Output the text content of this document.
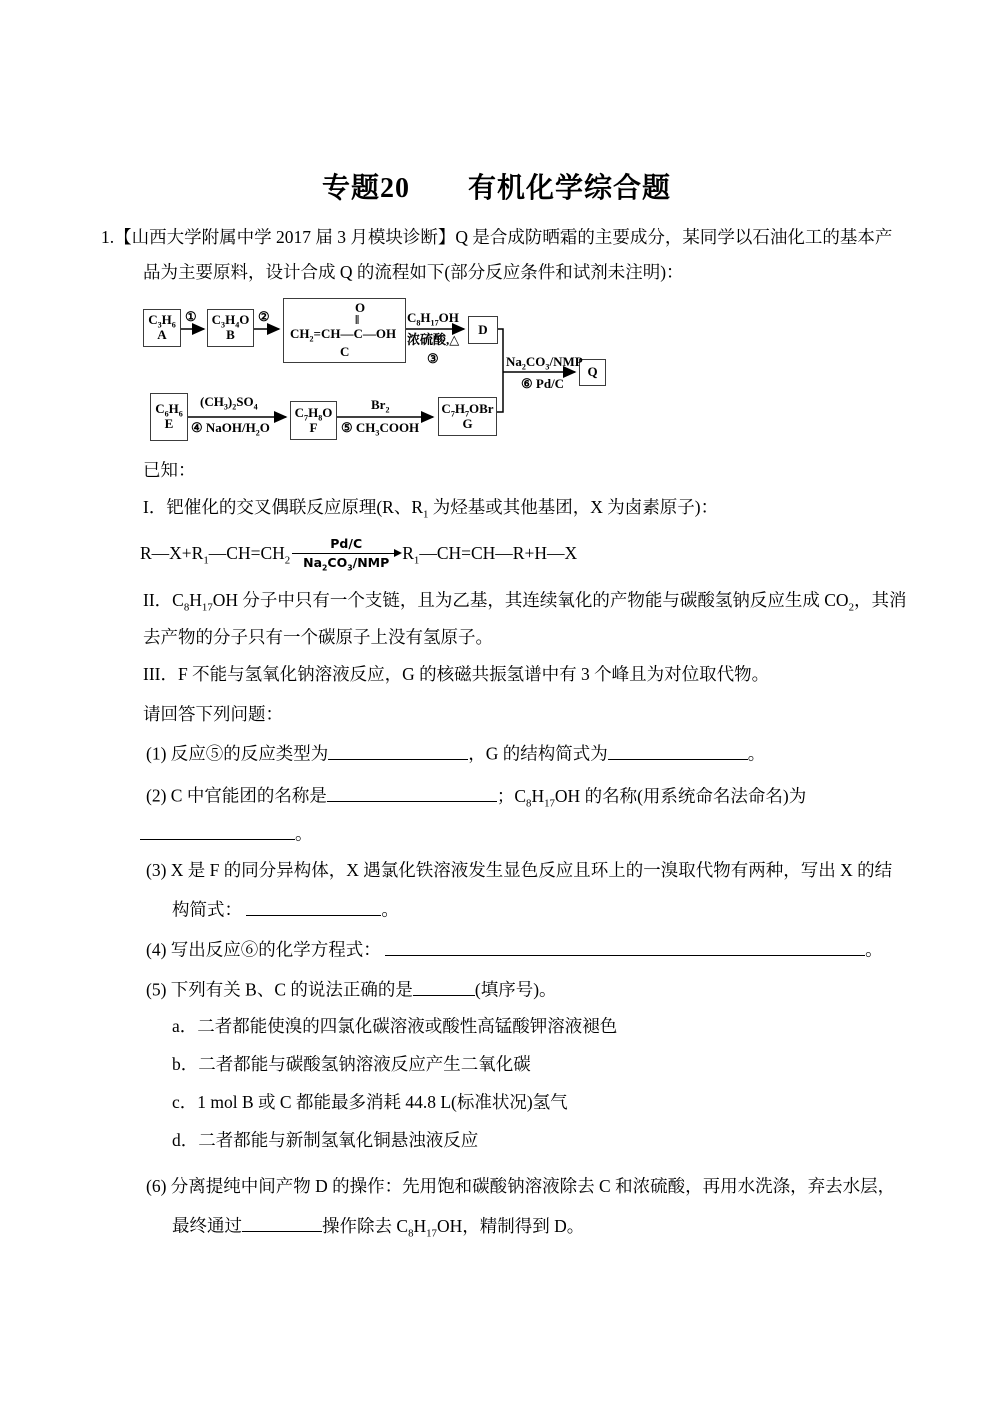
专题20　　有机化学综合题
1.【山西大学附属中学 2017 届 3 月模块诊断】Q 是合成防晒霜的主要成分，某同学以石油化工的基本产
品为主要原料，设计合成 Q 的流程如下(部分反应条件和试剂未注明)：
$C_3H_6$
A
$C_3H_4O$
B
O
‖
$CH_2=CH—C—OH$
C
D
Q
$C_6H_6$
E
$C_7H_8O$
F
$C_7H_7OBr$
G
①	②	$C_8H_{17}OH$
浓硫酸,△
③
$(CH_3)_2SO_4$
④ NaOH/$H_2O$
$Br_2$
⑤ $CH_3COOH$
$Na_2CO_3$/NMP
⑥ Pd/C
已知：
I．钯催化的交叉偶联反应原理(R、$R_1$ 为烃基或其他基团，X 为卤素原子)：
$R—X+R_1—CH=CH_2$
Pd/C
$Na_2CO_3$/NMP $R_1—CH=CH—R+H—X$
II．$C_8H_{17}OH$ 分子中只有一个支链，且为乙基，其连续氧化的产物能与碳酸氢钠反应生成 $CO_2$，其消
去产物的分子只有一个碳原子上没有氢原子。
III．F 不能与氢氧化钠溶液反应，G 的核磁共振氢谱中有 3 个峰且为对位取代物。
请回答下列问题：
(1) 反应⑤的反应类型为	，G 的结构简式为	。
(2) C 中官能团的名称是	；$C_8H_{17}OH$ 的名称(用系统命名法命名)为
。
(3) X 是 F 的同分异构体，X 遇氯化铁溶液发生显色反应且环上的一溴取代物有两种，写出 X 的结
构简式：	。
(4) 写出反应⑥的化学方程式：	。
(5) 下列有关 B、C 的说法正确的是	(填序号)。
a．二者都能使溴的四氯化碳溶液或酸性高锰酸钾溶液褪色
b．二者都能与碳酸氢钠溶液反应产生二氧化碳
c．1 mol B 或 C 都能最多消耗 44.8 L(标准状况)氢气
d．二者都能与新制氢氧化铜悬浊液反应
(6) 分离提纯中间产物 D 的操作：先用饱和碳酸钠溶液除去 C 和浓硫酸，再用水洗涤，弃去水层，
最终通过	操作除去 $C_8H_{17}OH$，精制得到 D。
